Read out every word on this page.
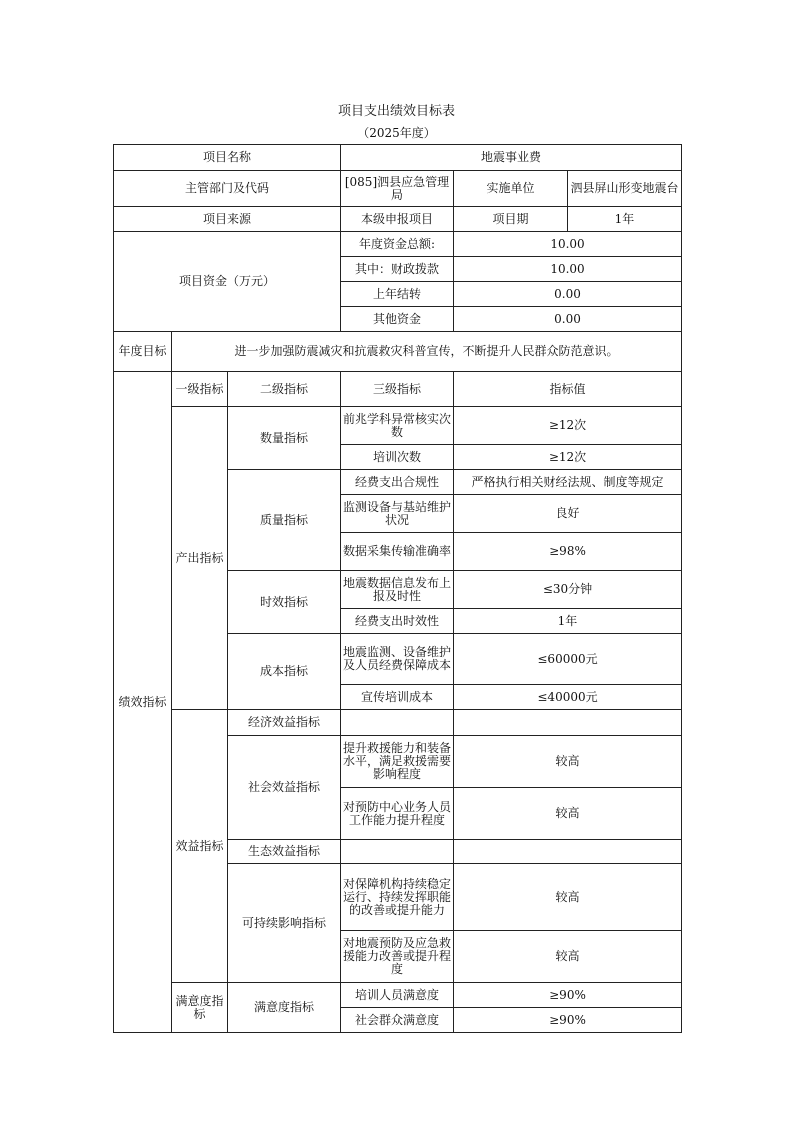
项目支出绩效目标表
（2025年度）
项目名称			地震事业费		
主管部门及代码			[085]泗县应急管理局	实施单位	泗县屏山形变地震台
项目来源			本级申报项目	项目期	1年
项目资金（万元）			年度资金总额:	10.00	
			其中：财政拨款	10.00	
			上年结转	0.00	
			其他资金	0.00	
年度目标	进一步加强防震减灾和抗震救灾科普宣传，不断提升人民群众防范意识。				
绩效指标	一级指标	二级指标	三级指标	指标值	
	产出指标	数量指标	前兆学科异常核实次数	≥12次	
			培训次数	≥12次	
		质量指标	经费支出合规性	严格执行相关财经法规、制度等规定	
			监测设备与基站维护状况	良好	
			数据采集传输准确率	≥98%	
		时效指标	地震数据信息发布上报及时性	≤30分钟	
			经费支出时效性	1年	
		成本指标	地震监测、设备维护及人员经费保障成本	≤60000元	
			宣传培训成本	≤40000元	
	效益指标	经济效益指标			
		社会效益指标	提升救援能力和装备水平，满足救援需要影响程度	较高	
			对预防中心业务人员工作能力提升程度	较高	
		生态效益指标			
		可持续影响指标	对保障机构持续稳定运行、持续发挥职能的改善或提升能力	较高	
			对地震预防及应急救援能力改善或提升程度	较高	
	满意度指标	满意度指标	培训人员满意度	≥90%	
			社会群众满意度	≥90%	
